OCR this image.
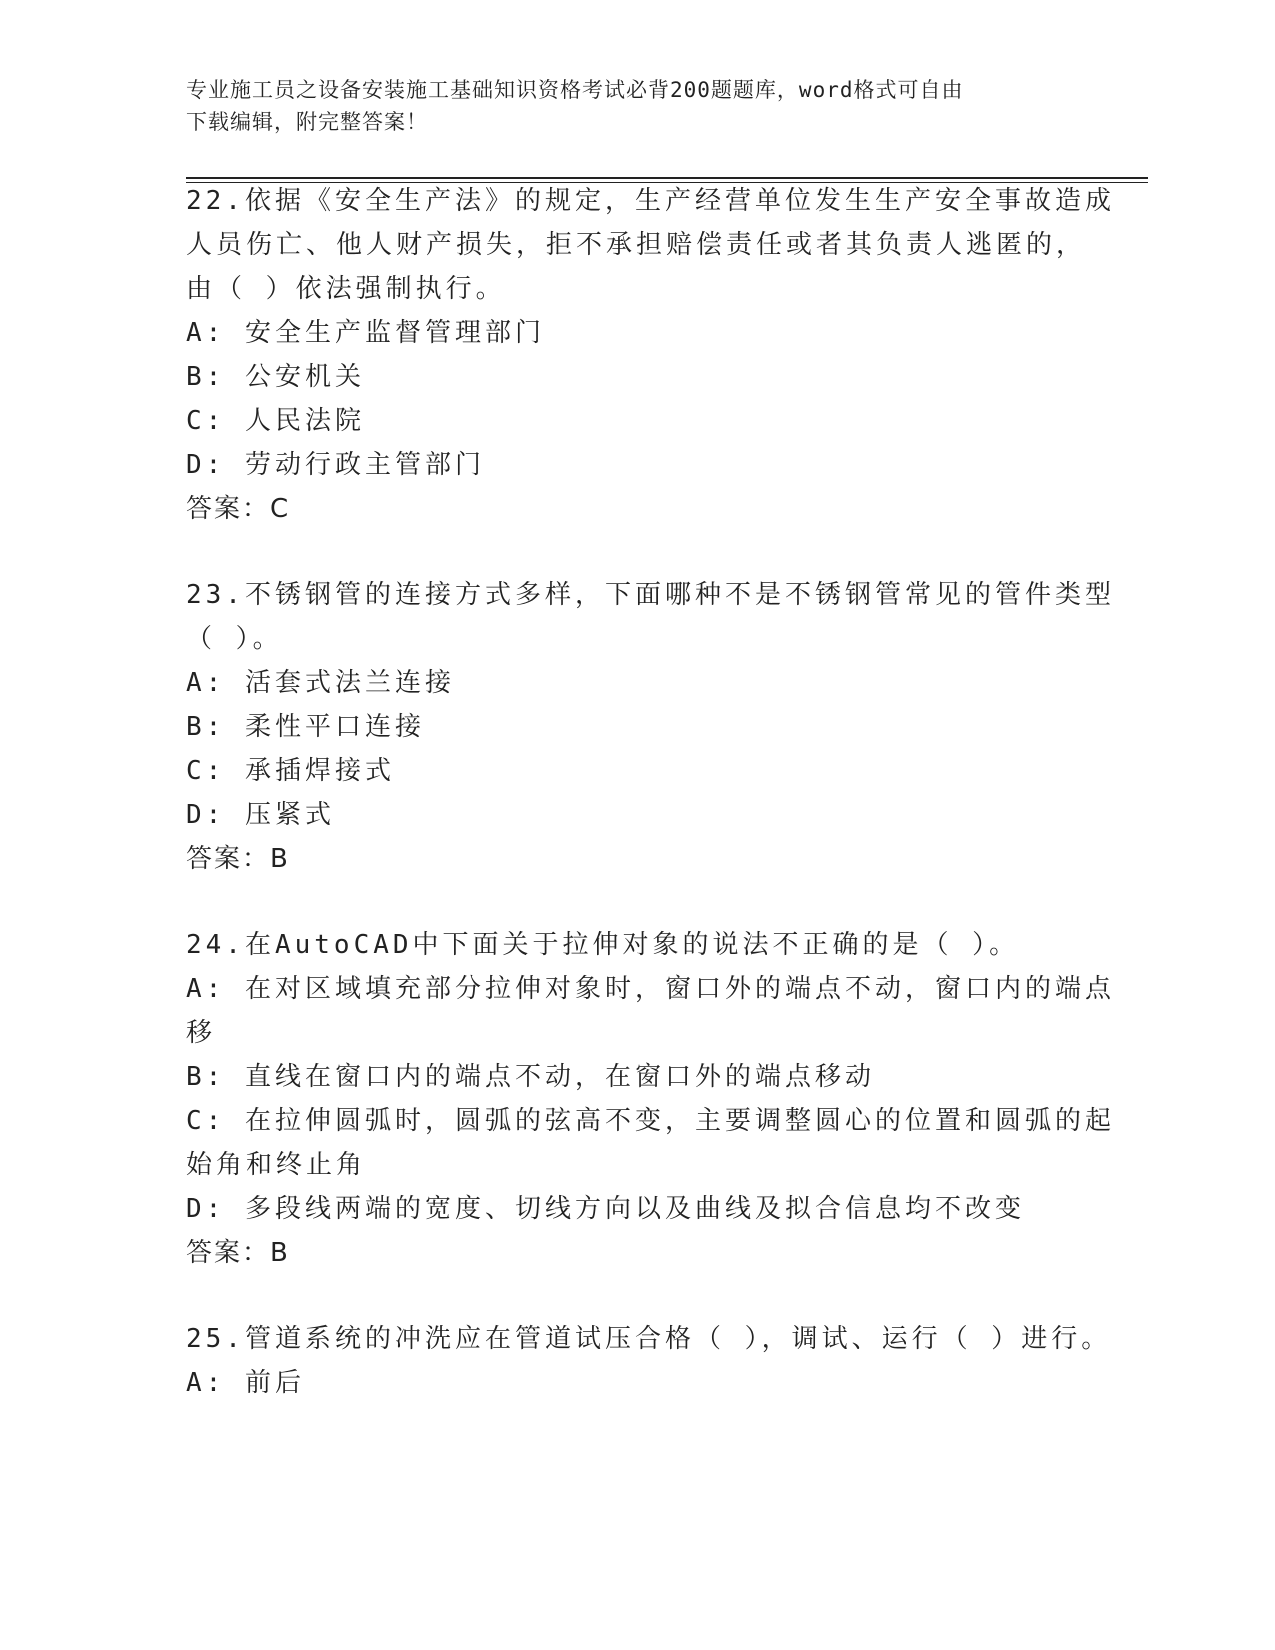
专业施工员之设备安装施工基础知识资格考试必背200题题库，word格式可自由
下载编辑，附完整答案！
22.依据《安全生产法》的规定，生产经营单位发生生产安全事故造成
人员伤亡、他人财产损失，拒不承担赔偿责任或者其负责人逃匿的，
由（ ）依法强制执行。
A: 安全生产监督管理部门
B: 公安机关
C: 人民法院
D: 劳动行政主管部门
答案：C
23.不锈钢管的连接方式多样，下面哪种不是不锈钢管常见的管件类型
（ ）。
A: 活套式法兰连接
B: 柔性平口连接
C: 承插焊接式
D: 压紧式
答案：B
24.在AutoCAD中下面关于拉伸对象的说法不正确的是（ ）。
A: 在对区域填充部分拉伸对象时，窗口外的端点不动，窗口内的端点
移
B: 直线在窗口内的端点不动，在窗口外的端点移动
C: 在拉伸圆弧时，圆弧的弦高不变，主要调整圆心的位置和圆弧的起
始角和终止角
D: 多段线两端的宽度、切线方向以及曲线及拟合信息均不改变
答案：B
25.管道系统的冲洗应在管道试压合格（ ），调试、运行（ ）进行。
A: 前后
